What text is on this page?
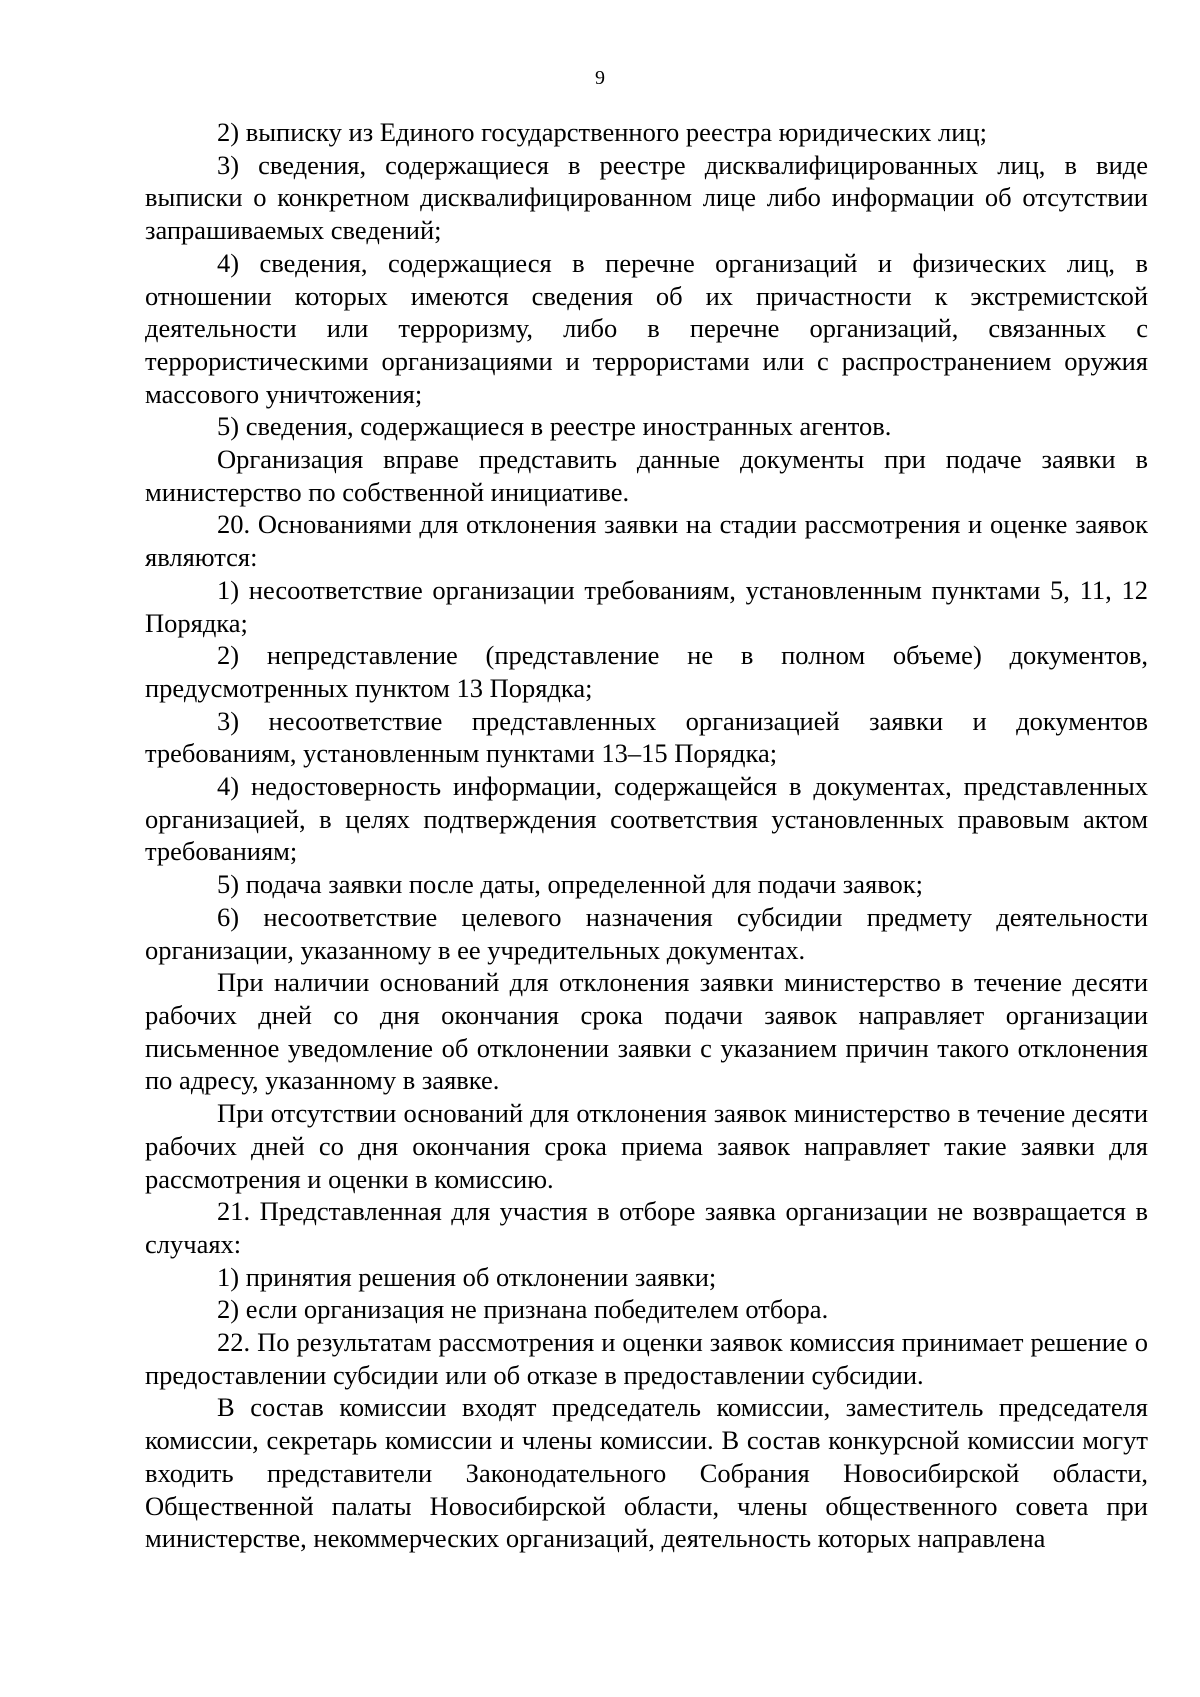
9

2) выписку из Единого государственного реестра юридических лиц;

3) сведения, содержащиеся в реестре дисквалифицированных лиц, в виде выписки о конкретном дисквалифицированном лице либо информации об отсутствии запрашиваемых сведений;

4) сведения, содержащиеся в перечне организаций и физических лиц, в отношении которых имеются сведения об их причастности к экстремистской деятельности или терроризму, либо в перечне организаций, связанных с террористическими организациями и террористами или с распространением оружия массового уничтожения;

5) сведения, содержащиеся в реестре иностранных агентов.

Организация вправе представить данные документы при подаче заявки в министерство по собственной инициативе.

20. Основаниями для отклонения заявки на стадии рассмотрения и оценке заявок являются:

1) несоответствие организации требованиям, установленным пунктами 5, 11, 12 Порядка;

2) непредставление (представление не в полном объеме) документов, предусмотренных пунктом 13 Порядка;

3) несоответствие представленных организацией заявки и документов требованиям, установленным пунктами 13–15 Порядка;

4) недостоверность информации, содержащейся в документах, представленных организацией, в целях подтверждения соответствия установленных правовым актом требованиям;

5) подача заявки после даты, определенной для подачи заявок;

6) несоответствие целевого назначения субсидии предмету деятельности организации, указанному в ее учредительных документах.

При наличии оснований для отклонения заявки министерство в течение десяти рабочих дней со дня окончания срока подачи заявок направляет организации письменное уведомление об отклонении заявки с указанием причин такого отклонения по адресу, указанному в заявке.

При отсутствии оснований для отклонения заявок министерство в течение десяти рабочих дней со дня окончания срока приема заявок направляет такие заявки для рассмотрения и оценки в комиссию.

21. Представленная для участия в отборе заявка организации не возвращается в случаях:

1) принятия решения об отклонении заявки;

2) если организация не признана победителем отбора.

22. По результатам рассмотрения и оценки заявок комиссия принимает решение о предоставлении субсидии или об отказе в предоставлении субсидии.

В состав комиссии входят председатель комиссии, заместитель председателя комиссии, секретарь комиссии и члены комиссии. В состав конкурсной комиссии могут входить представители Законодательного Собрания Новосибирской области, Общественной палаты Новосибирской области, члены общественного совета при министерстве, некоммерческих организаций, деятельность которых направлена
